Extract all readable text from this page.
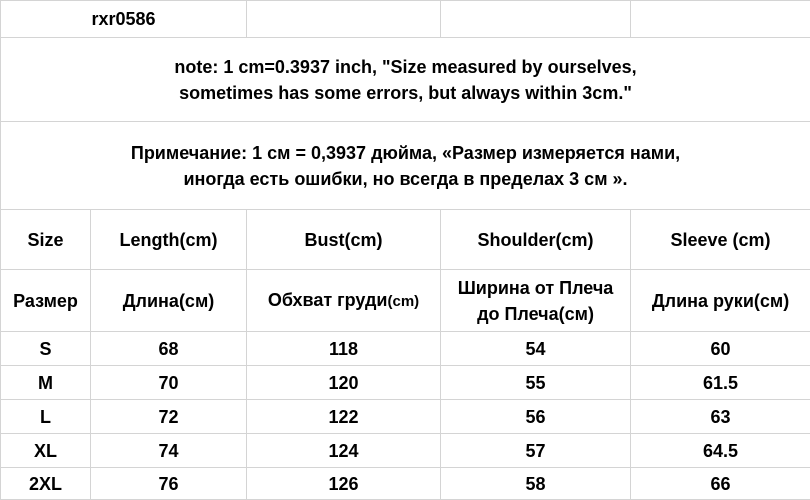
rxr0586				

note: 1 cm=0.3937 inch, "Size measured by ourselves,
sometimes has some errors, but always within 3cm."				

Примечание: 1 см = 0,3937 дюйма, «Размер измеряется нами,
иногда есть ошибки, но всегда в пределах 3 см ».				

Size	Length(cm)	Bust(cm)	Shoulder(cm)	Sleeve (cm)
Размер	Длина(см)	Обхват груди(cm)	Ширина от Плеча
до Плеча(см)	Длина руки(см)
S	68	118	54	60
M	70	120	55	61.5
L	72	122	56	63
XL	74	124	57	64.5
2XL	76	126	58	66
